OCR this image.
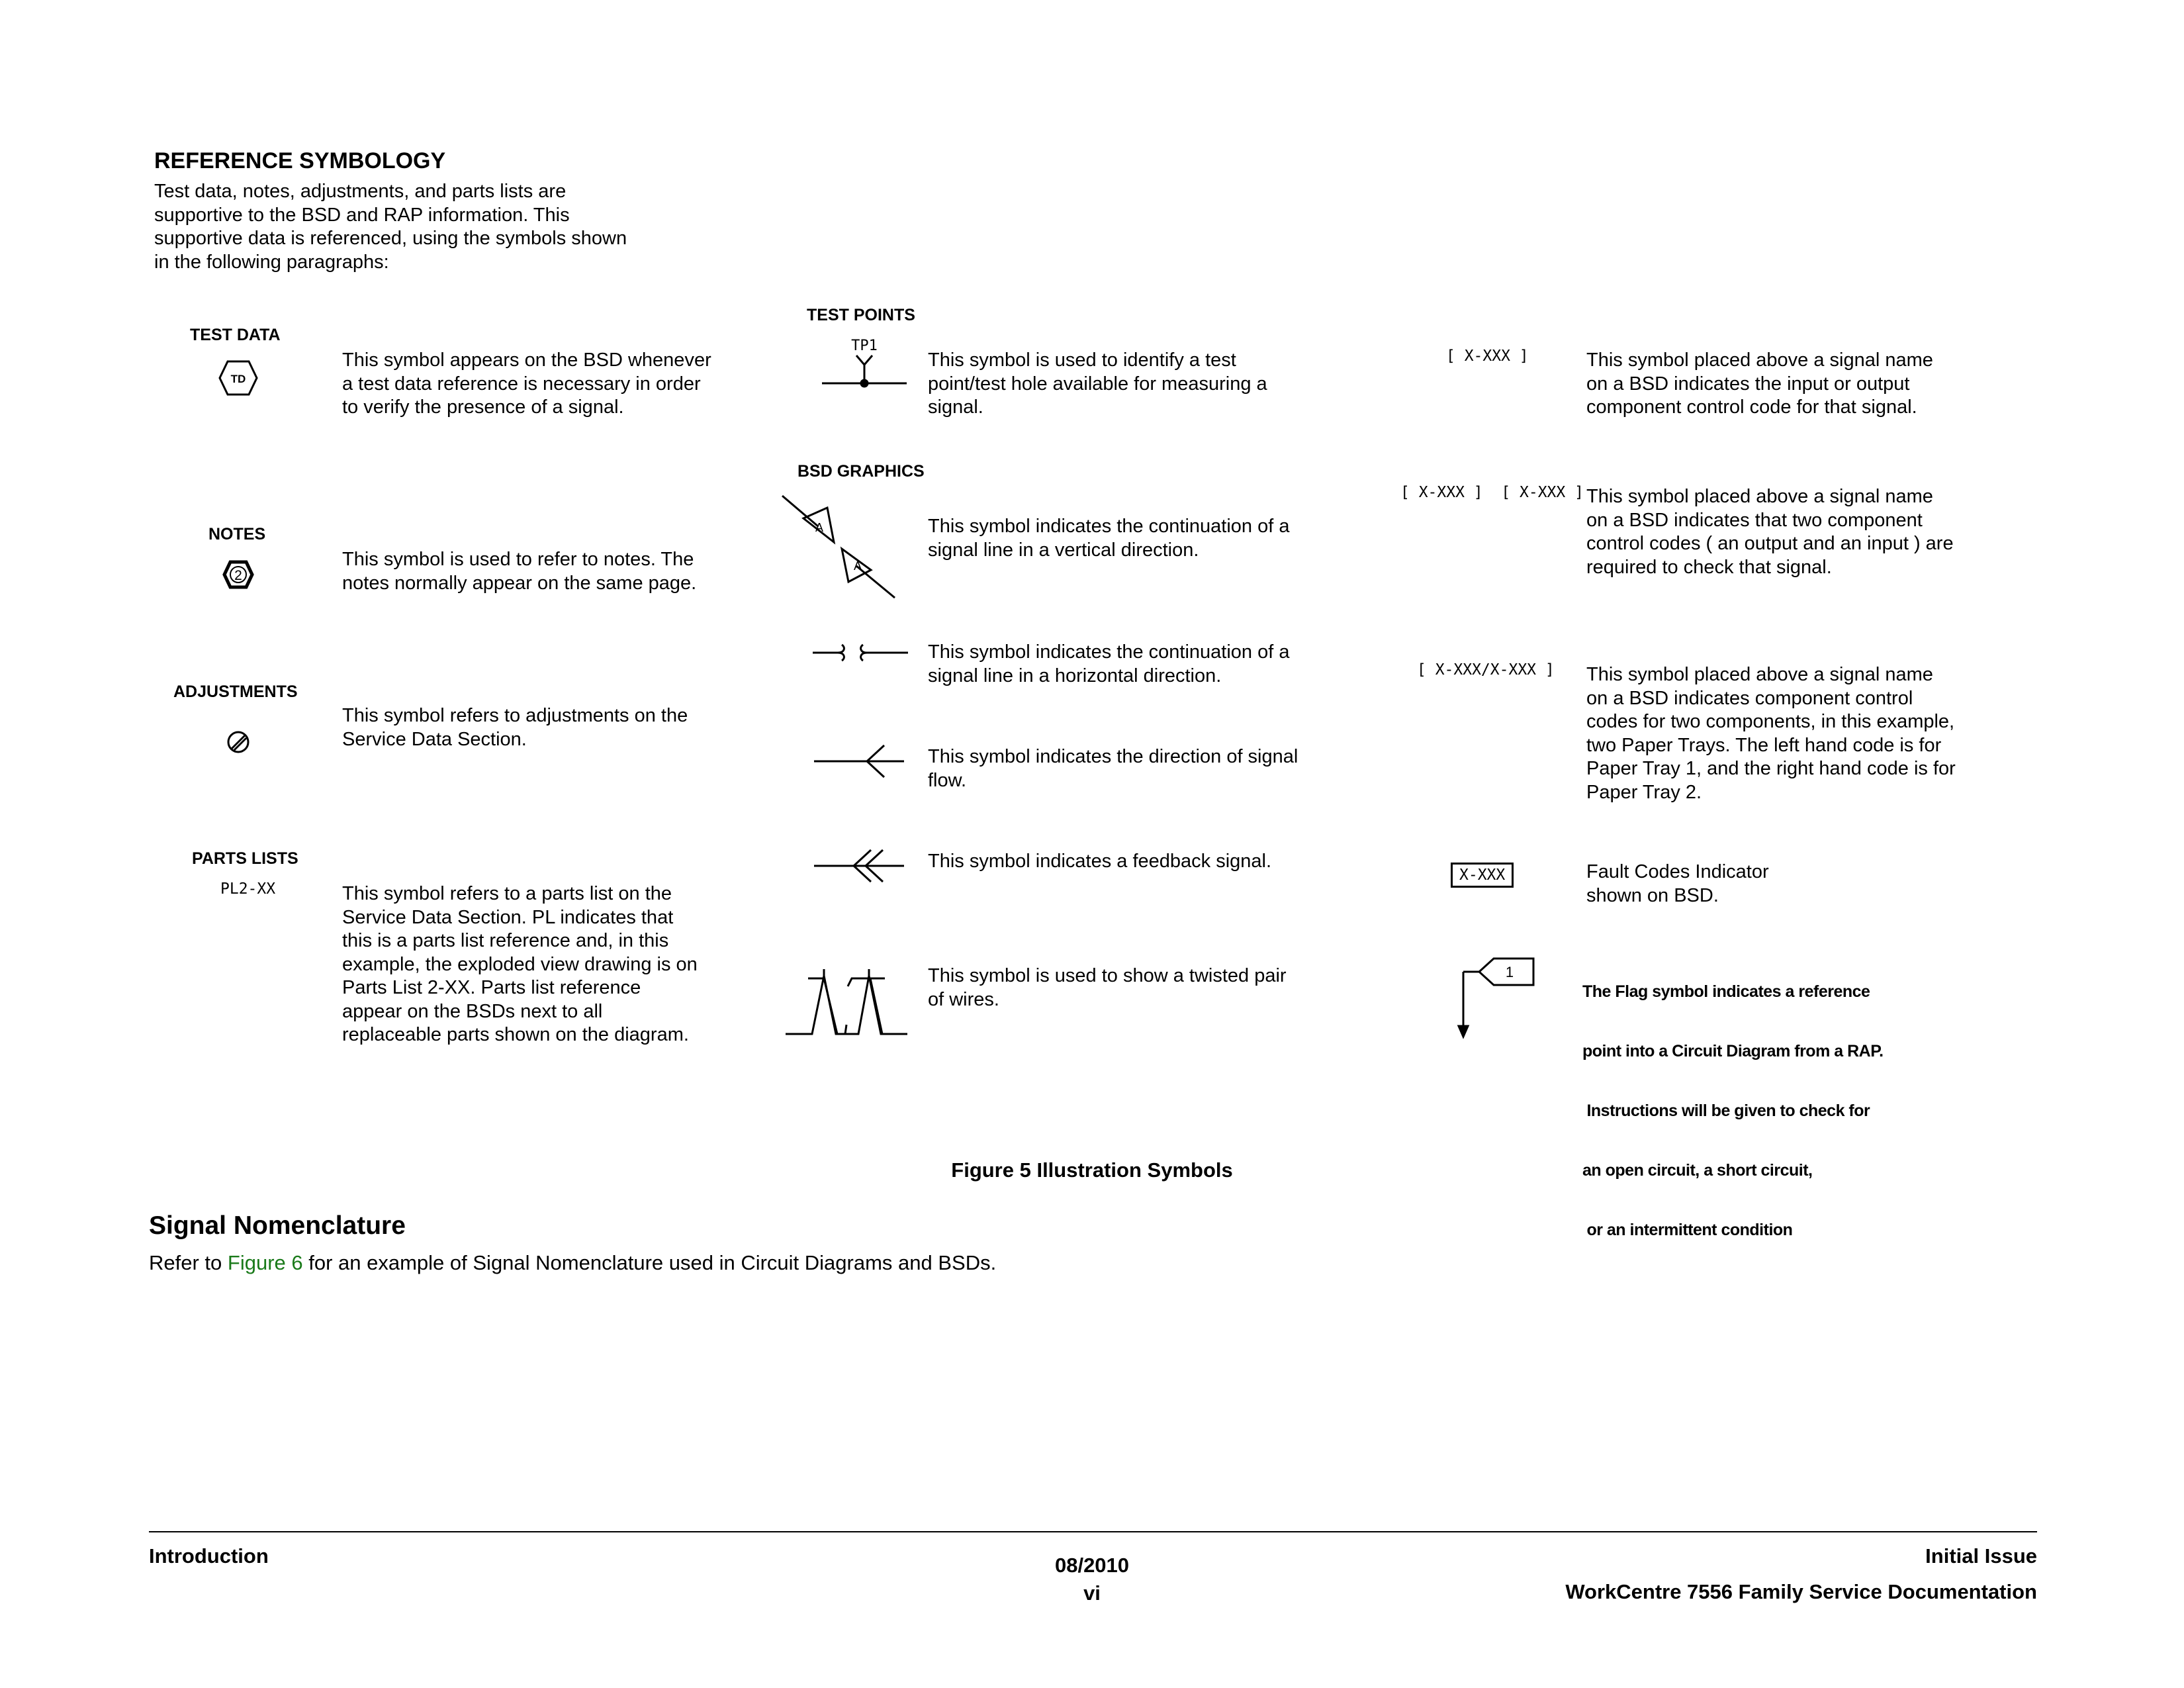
REFERENCE SYMBOLOGY
Test data, notes, adjustments, and parts lists are supportive to the BSD and RAP information. This supportive data is referenced, using the symbols shown in the following paragraphs:
TEST DATA
TD
This symbol appears on the BSD whenever a test data reference is necessary in order to verify the presence of a signal.
NOTES
2
This symbol is used to refer to notes. The notes normally appear on the same page.
ADJUSTMENTS
This symbol refers to adjustments on the Service Data Section.
PARTS LISTS
PL2-XX	This symbol refers to a parts list on the Service Data Section. PL indicates that this is a parts list reference and, in this example, the exploded view drawing is on Parts List 2-XX. Parts list reference appear on the BSDs next to all replaceable parts shown on the diagram.
TEST POINTS
TP1
This symbol is used to identify a test point/test hole available for measuring a signal.
BSD GRAPHICS
A
A
This symbol indicates the continuation of a signal line in a vertical direction.
This symbol indicates the continuation of a signal line in a horizontal direction.
This symbol indicates the direction of signal flow.
This symbol indicates a feedback signal.
This symbol is used to show a twisted pair of wires.
[ X-XXX ]	This symbol placed above a signal name on a BSD indicates the input or output component control code for that signal.
[ X-XXX ]  [ X-XXX ] This symbol placed above a signal name on a BSD indicates that two component control codes ( an output and an input ) are required to check that signal.
[ X-XXX/X-XXX ] This symbol placed above a signal name on a BSD indicates component control codes for two components, in this example, two Paper Trays. The left hand code is for Paper Tray 1, and the right hand code is for Paper Tray 2.
X-XXX	Fault Codes Indicator shown on BSD.
1

The Flag symbol indicates a reference

point into a Circuit Diagram from a RAP.

Instructions will be given to check for

an open circuit, a short circuit,

or an intermittent condition

Figure 5 Illustration Symbols
Signal Nomenclature
Refer to Figure 6 for an example of Signal Nomenclature used in Circuit Diagrams and BSDs.
Introduction	08/2010
vi
Initial Issue
WorkCentre 7556 Family Service Documentation
